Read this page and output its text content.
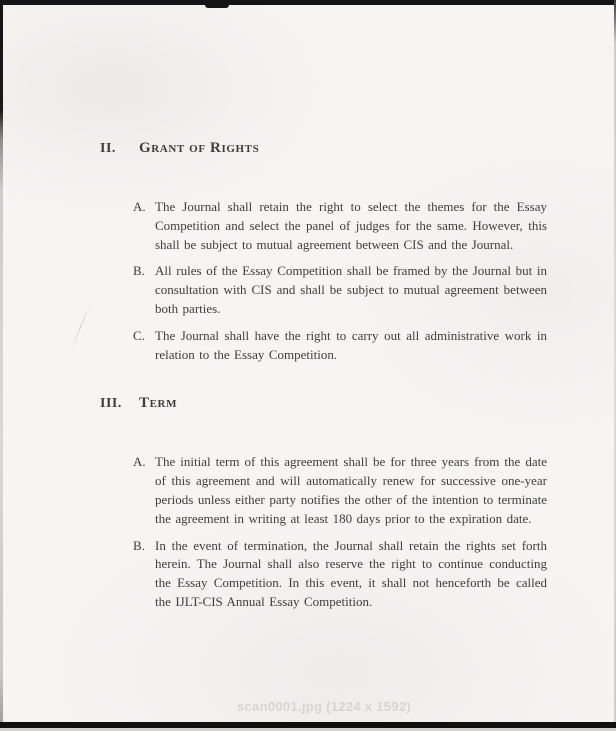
II.	Grant of Rights
A. The Journal shall retain the right to select the themes for the Essay Competition and select the panel of judges for the same. However, this shall be subject to mutual agreement between CIS and the Journal.

B. All rules of the Essay Competition shall be framed by the Journal but in consultation with CIS and shall be subject to mutual agreement between both parties.

C. The Journal shall have the right to carry out all administrative work in relation to the Essay Competition.

III.	Term
A. The initial term of this agreement shall be for three years from the date of this agreement and will automatically renew for successive one-year periods unless either party notifies the other of the intention to terminate the agreement in writing at least 180 days prior to the expiration date.

B. In the event of termination, the Journal shall retain the rights set forth herein. The Journal shall also reserve the right to continue conducting the Essay Competition. In this event, it shall not henceforth be called the IJLT-CIS Annual Essay Competition.

scan0001.jpg (1224 x 1592)
